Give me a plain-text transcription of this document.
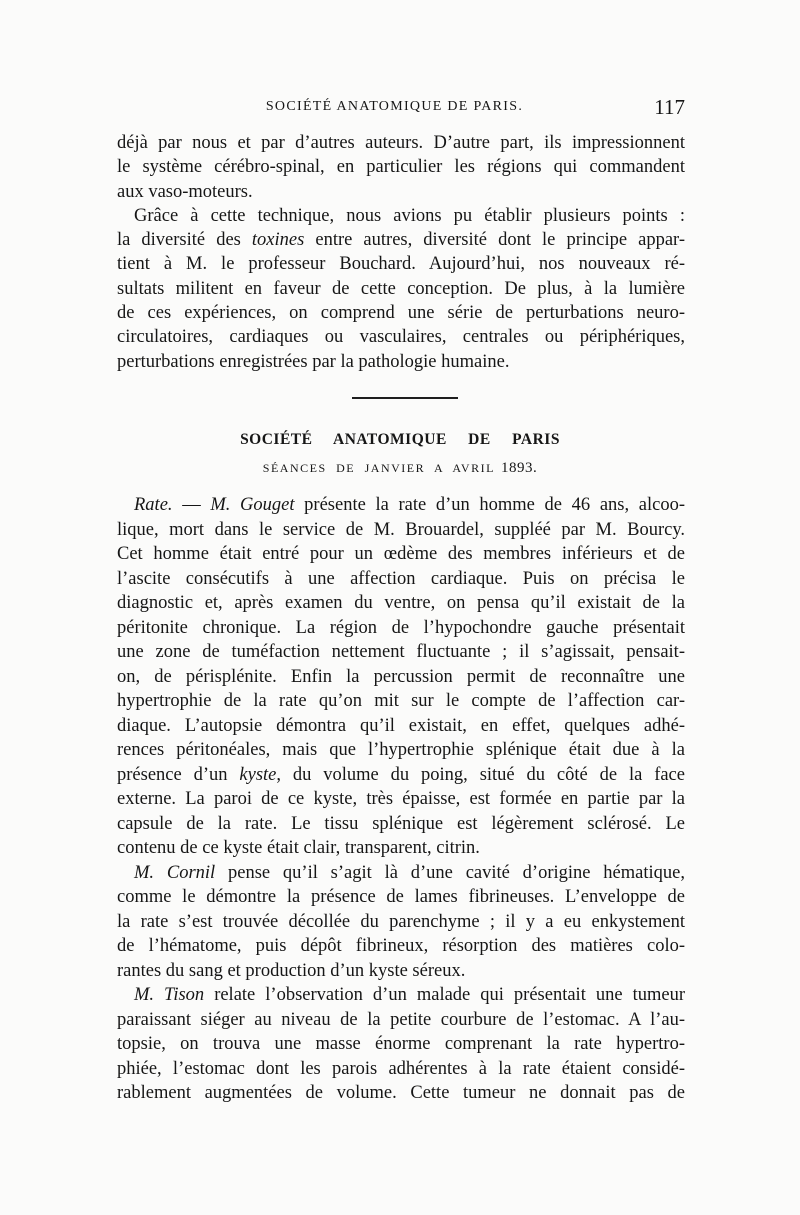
SOCIÉTÉ ANATOMIQUE DE PARIS.	117
déjà par nous et par d’autres auteurs. D’autre part, ils impressionnent
le système cérébro-spinal, en particulier les régions qui commandent
aux vaso-moteurs.
Grâce à cette technique, nous avions pu établir plusieurs points :
la diversité des toxines entre autres, diversité dont le principe appar-
tient à M. le professeur Bouchard. Aujourd’hui, nos nouveaux ré-
sultats militent en faveur de cette conception. De plus, à la lumière
de ces expériences, on comprend une série de perturbations neuro-
circulatoires, cardiaques ou vasculaires, centrales ou périphériques,
perturbations enregistrées par la pathologie humaine.
SOCIÉTÉ ANATOMIQUE DE PARIS
SÉANCES DE JANVIER A AVRIL 1893.
Rate. — M. Gouget présente la rate d’un homme de 46 ans, alcoo-
lique, mort dans le service de M. Brouardel, suppléé par M. Bourcy.
Cet homme était entré pour un œdème des membres inférieurs et de
l’ascite consécutifs à une affection cardiaque. Puis on précisa le
diagnostic et, après examen du ventre, on pensa qu’il existait de la
péritonite chronique. La région de l’hypochondre gauche présentait
une zone de tuméfaction nettement fluctuante ; il s’agissait, pensait-
on, de périsplénite. Enfin la percussion permit de reconnaître une
hypertrophie de la rate qu’on mit sur le compte de l’affection car-
diaque. L’autopsie démontra qu’il existait, en effet, quelques adhé-
rences péritonéales, mais que l’hypertrophie splénique était due à la
présence d’un kyste, du volume du poing, situé du côté de la face
externe. La paroi de ce kyste, très épaisse, est formée en partie par la
capsule de la rate. Le tissu splénique est légèrement sclérosé. Le
contenu de ce kyste était clair, transparent, citrin.
M. Cornil pense qu’il s’agit là d’une cavité d’origine hématique,
comme le démontre la présence de lames fibrineuses. L’enveloppe de
la rate s’est trouvée décollée du parenchyme ; il y a eu enkystement
de l’hématome, puis dépôt fibrineux, résorption des matières colo-
rantes du sang et production d’un kyste séreux.
M. Tison relate l’observation d’un malade qui présentait une tumeur
paraissant siéger au niveau de la petite courbure de l’estomac. A l’au-
topsie, on trouva une masse énorme comprenant la rate hypertro-
phiée, l’estomac dont les parois adhérentes à la rate étaient considé-
rablement augmentées de volume. Cette tumeur ne donnait pas de
